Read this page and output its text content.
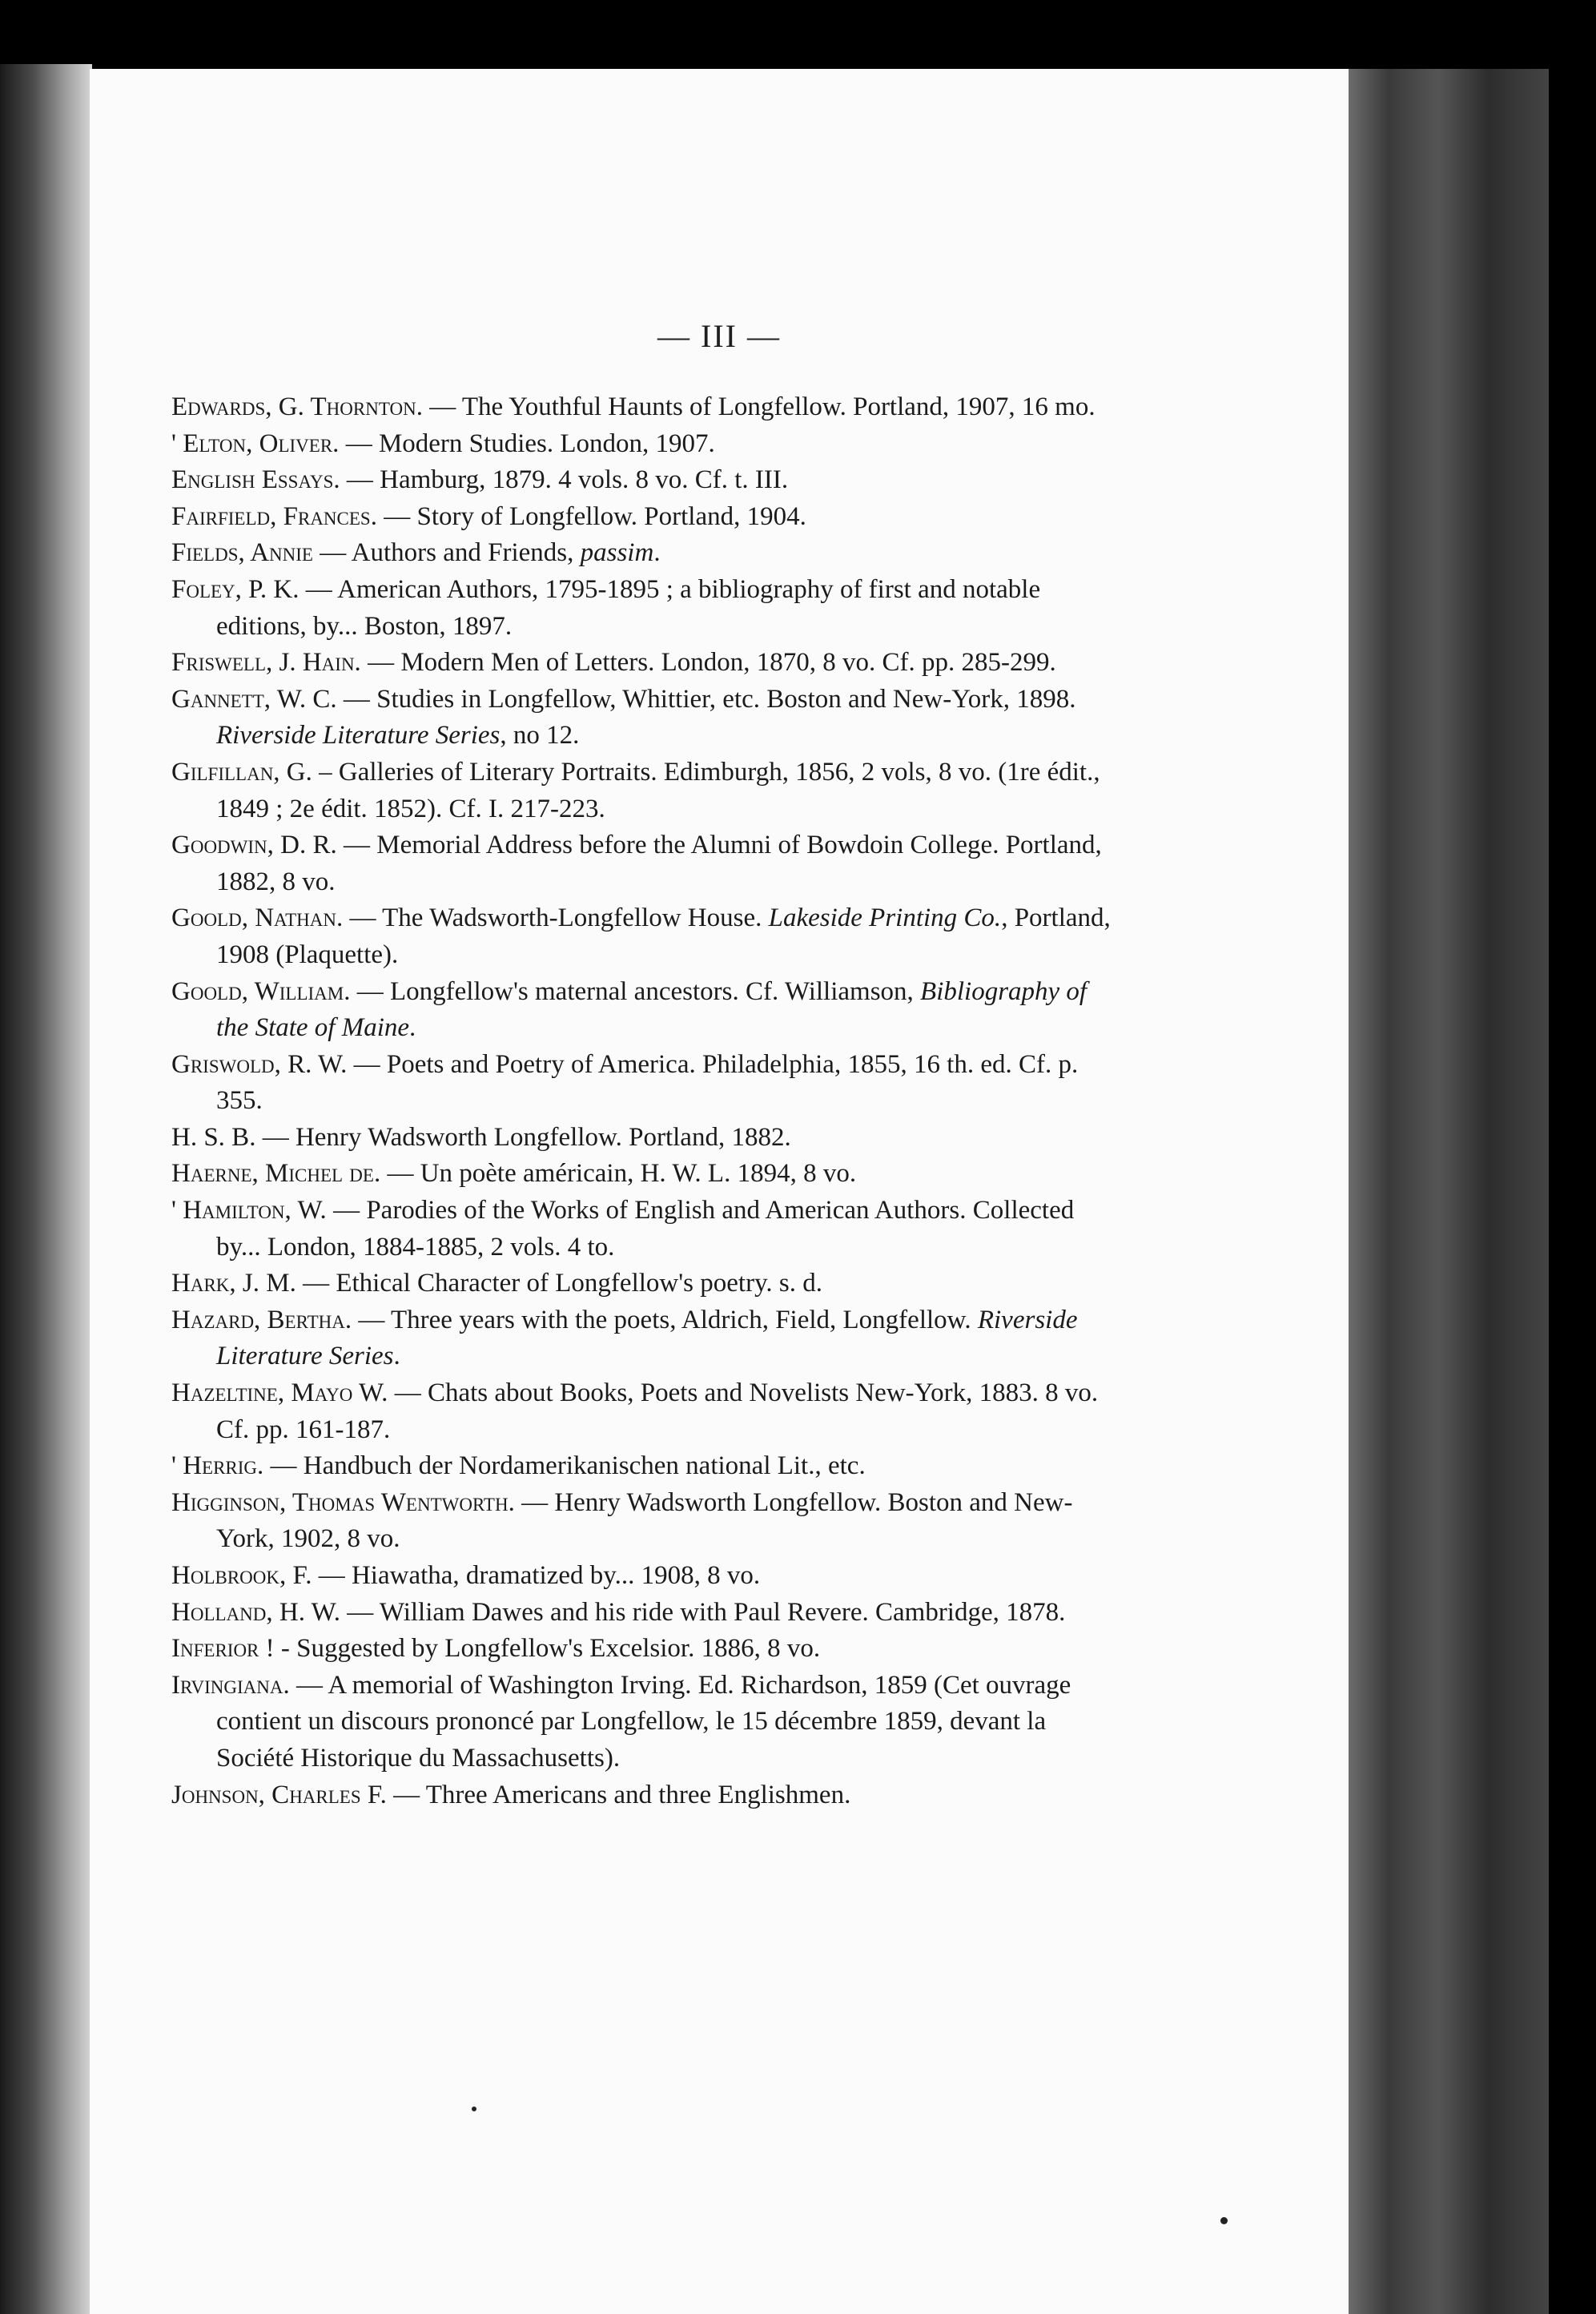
— III —

Edwards, G. Thornton. — The Youthful Haunts of Longfellow. Portland, 1907, 16 mo.

' Elton, Oliver. — Modern Studies. London, 1907.

English Essays. — Hamburg, 1879. 4 vols. 8 vo. Cf. t. III.

Fairfield, Frances. — Story of Longfellow. Portland, 1904.

Fields, Annie — Authors and Friends, passim.

Foley, P. K. — American Authors, 1795-1895 ; a bibliography of first and notable editions, by... Boston, 1897.

Friswell, J. Hain. — Modern Men of Letters. London, 1870, 8 vo. Cf. pp. 285-299.

Gannett, W. C. — Studies in Longfellow, Whittier, etc. Boston and New-York, 1898. Riverside Literature Series, no 12.

Gilfillan, G. – Galleries of Literary Portraits. Edimburgh, 1856, 2 vols, 8 vo. (1re édit., 1849 ; 2e édit. 1852). Cf. I. 217-223.

Goodwin, D. R. — Memorial Address before the Alumni of Bowdoin College. Portland, 1882, 8 vo.

Goold, Nathan. — The Wadsworth-Longfellow House. Lakeside Printing Co., Portland, 1908 (Plaquette).

Goold, William. — Longfellow's maternal ancestors. Cf. Williamson, Bibliography of the State of Maine.

Griswold, R. W. — Poets and Poetry of America. Philadelphia, 1855, 16 th. ed. Cf. p. 355.

H. S. B. — Henry Wadsworth Longfellow. Portland, 1882.

Haerne, Michel de. — Un poète américain, H. W. L. 1894, 8 vo.

' Hamilton, W. — Parodies of the Works of English and American Authors. Collected by... London, 1884-1885, 2 vols. 4 to.

Hark, J. M. — Ethical Character of Longfellow's poetry. s. d.

Hazard, Bertha. — Three years with the poets, Aldrich, Field, Longfellow. Riverside Literature Series.

Hazeltine, Mayo W. — Chats about Books, Poets and Novelists New-York, 1883. 8 vo. Cf. pp. 161-187.

' Herrig. — Handbuch der Nordamerikanischen national Lit., etc.

Higginson, Thomas Wentworth. — Henry Wadsworth Longfellow. Boston and New-York, 1902, 8 vo.

Holbrook, F. — Hiawatha, dramatized by... 1908, 8 vo.

Holland, H. W. — William Dawes and his ride with Paul Revere. Cambridge, 1878.

Inferior ! - Suggested by Longfellow's Excelsior. 1886, 8 vo.

Irvingiana. — A memorial of Washington Irving. Ed. Richardson, 1859 (Cet ouvrage contient un discours prononcé par Longfellow, le 15 décembre 1859, devant la Société Historique du Massachusetts).

Johnson, Charles F. — Three Americans and three Englishmen.
